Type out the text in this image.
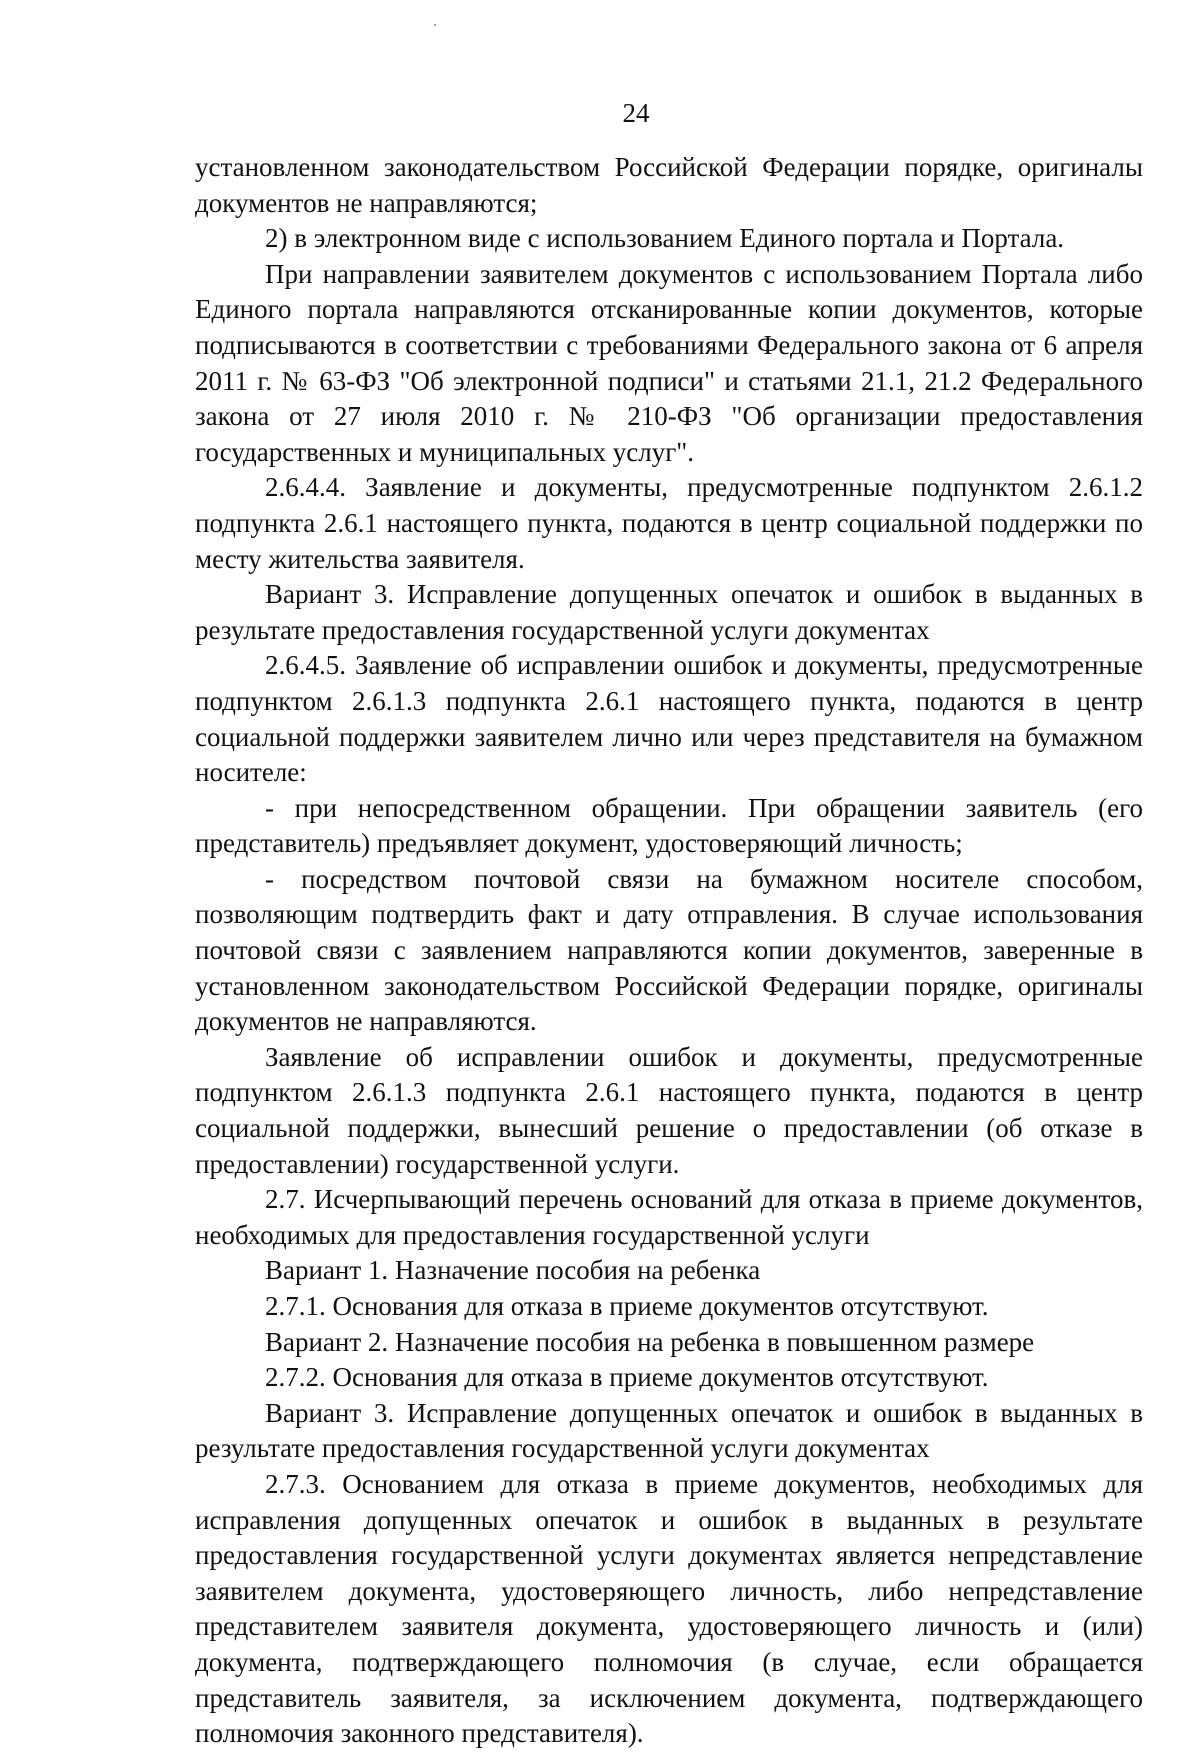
24

установленном законодательством Российской Федерации порядке, оригиналы документов не направляются;

2) в электронном виде с использованием Единого портала и Портала.

При направлении заявителем документов с использованием Портала либо Единого портала направляются отсканированные копии документов, которые подписываются в соответствии с требованиями Федерального закона от 6 апреля 2011 г. № 63-ФЗ "Об электронной подписи" и статьями 21.1, 21.2 Федерального закона от 27 июля 2010 г. № 210-ФЗ "Об организации предоставления государственных и муниципальных услуг".

2.6.4.4. Заявление и документы, предусмотренные подпунктом 2.6.1.2 подпункта 2.6.1 настоящего пункта, подаются в центр социальной поддержки по месту жительства заявителя.

Вариант 3. Исправление допущенных опечаток и ошибок в выданных в результате предоставления государственной услуги документах

2.6.4.5. Заявление об исправлении ошибок и документы, предусмотренные подпунктом 2.6.1.3 подпункта 2.6.1 настоящего пункта, подаются в центр социальной поддержки заявителем лично или через представителя на бумажном носителе:

- при непосредственном обращении. При обращении заявитель (его представитель) предъявляет документ, удостоверяющий личность;

- посредством почтовой связи на бумажном носителе способом, позволяющим подтвердить факт и дату отправления. В случае использования почтовой связи с заявлением направляются копии документов, заверенные в установленном законодательством Российской Федерации порядке, оригиналы документов не направляются.

Заявление об исправлении ошибок и документы, предусмотренные подпунктом 2.6.1.3 подпункта 2.6.1 настоящего пункта, подаются в центр социальной поддержки, вынесший решение о предоставлении (об отказе в предоставлении) государственной услуги.

2.7. Исчерпывающий перечень оснований для отказа в приеме документов, необходимых для предоставления государственной услуги

Вариант 1. Назначение пособия на ребенка

2.7.1. Основания для отказа в приеме документов отсутствуют.

Вариант 2. Назначение пособия на ребенка в повышенном размере

2.7.2. Основания для отказа в приеме документов отсутствуют.

Вариант 3. Исправление допущенных опечаток и ошибок в выданных в результате предоставления государственной услуги документах

2.7.3. Основанием для отказа в приеме документов, необходимых для исправления допущенных опечаток и ошибок в выданных в результате предоставления государственной услуги документах является непредставление заявителем документа, удостоверяющего личность, либо непредставление представителем заявителя документа, удостоверяющего личность и (или) документа, подтверждающего полномочия (в случае, если обращается представитель заявителя, за исключением документа, подтверждающего полномочия законного представителя).
